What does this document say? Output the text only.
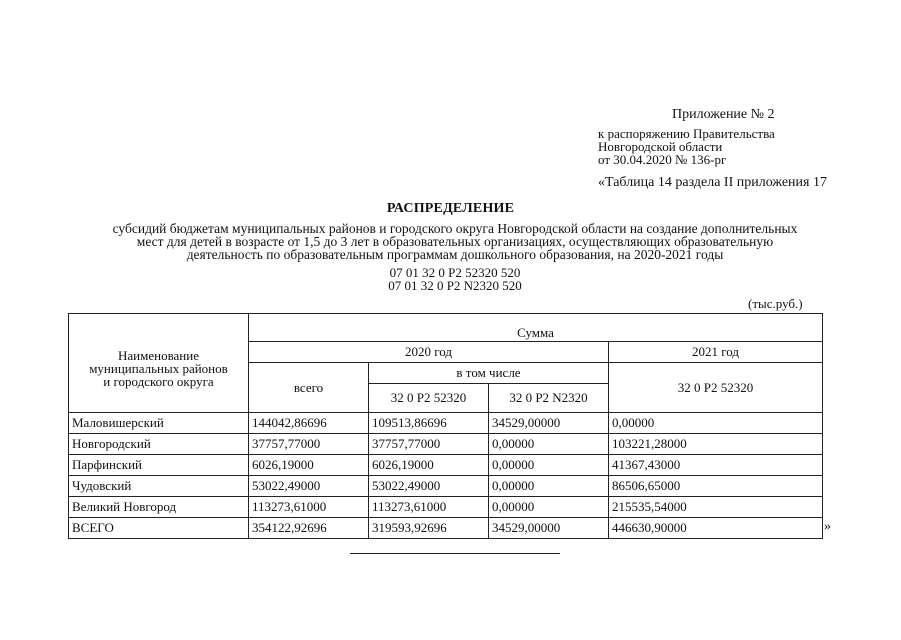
Приложение № 2
к распоряжению Правительства
Новгородской области
от 30.04.2020 № 136-рг
«Таблица 14 раздела II приложения 17
РАСПРЕДЕЛЕНИЕ
субсидий бюджетам муниципальных районов и городского округа Новгородской области на создание дополнительных
мест для детей в возрасте от 1,5 до 3 лет в образовательных организациях, осуществляющих образовательную
деятельность по образовательным программам дошкольного образования, на 2020-2021 годы
07 01 32 0 Р2 52320 520
07 01 32 0 Р2 N2320 520
(тыс.руб.)
Наименование
муниципальных районов
и городского округа	Сумма			
	2020 год			2021 год
	всего	в том числе		32 0 Р2 52320
		32 0 Р2 52320	32 0 Р2 N2320	
Маловишерский	144042,86696	109513,86696	34529,00000	0,00000
Новгородский	37757,77000	37757,77000	0,00000	103221,28000
Парфинский	6026,19000	6026,19000	0,00000	41367,43000
Чудовский	53022,49000	53022,49000	0,00000	86506,65000
Великий Новгород	113273,61000	113273,61000	0,00000	215535,54000
ВСЕГО	354122,92696	319593,92696	34529,00000	446630,90000	»
